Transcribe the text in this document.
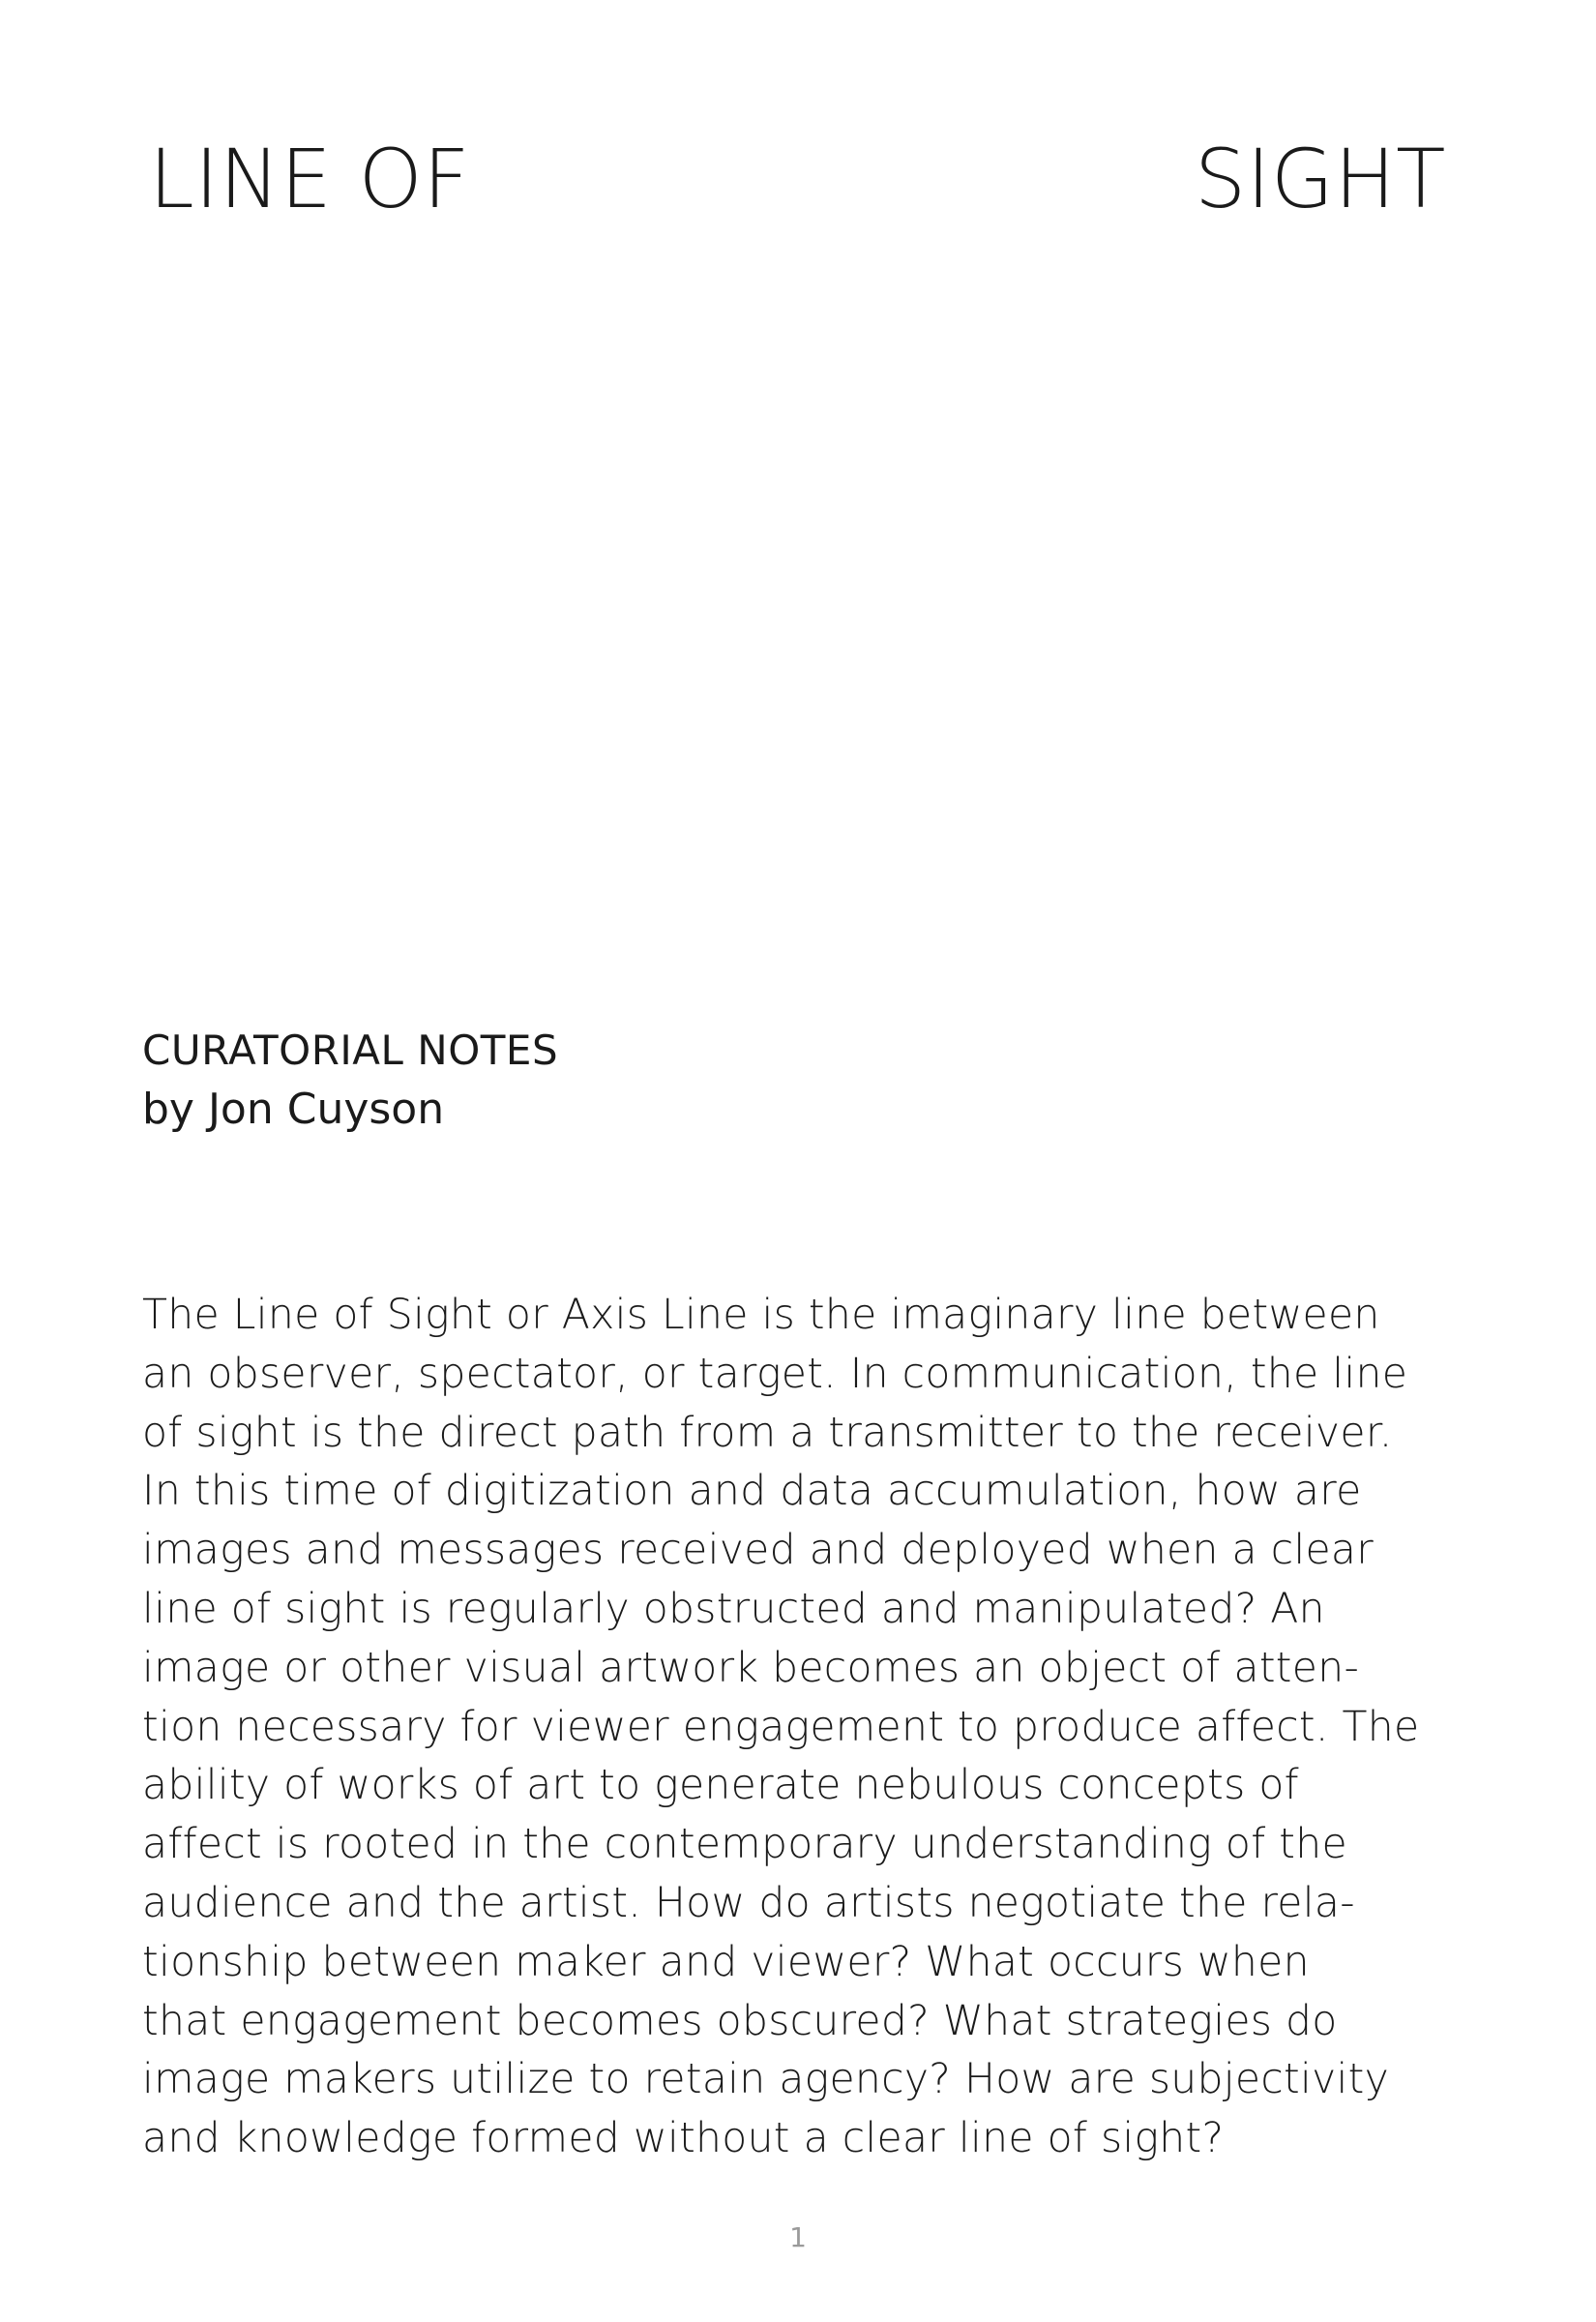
LINE OF	SIGHT
CURATORIAL NOTES

by Jon Cuyson

The Line of Sight or Axis Line is the imaginary line between
an observer, spectator, or target. In communication, the line
of sight is the direct path from a transmitter to the receiver.
In this time of digitization and data accumulation, how are
images and messages received and deployed when a clear
line of sight is regularly obstructed and manipulated? An
image or other visual artwork becomes an object of atten-
tion necessary for viewer engagement to produce affect. The
ability of works of art to generate nebulous concepts of
affect is rooted in the contemporary understanding of the
audience and the artist. How do artists negotiate the rela-
tionship between maker and viewer? What occurs when
that engagement becomes obscured? What strategies do
image makers utilize to retain agency? How are subjectivity
and knowledge formed without a clear line of sight?

1
